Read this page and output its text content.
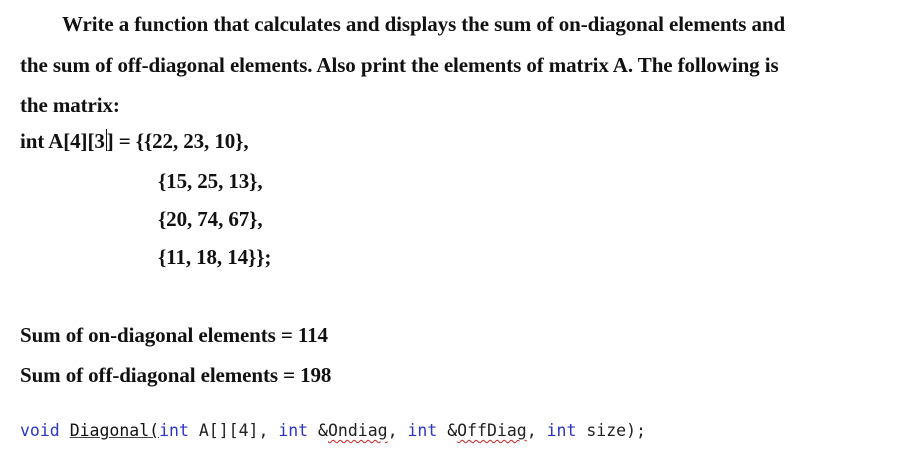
Write a function that calculates and displays the sum of on-diagonal elements and
the sum of off-diagonal elements. Also print the elements of matrix A. The following is
the matrix:
int A[4][3] = {{22, 23, 10},
{15, 25, 13},
{20, 74, 67},
{11, 18, 14}};
Sum of on-diagonal elements = 114
Sum of off-diagonal elements = 198
void Diagonal(int A[][4], int &Ondiag, int &OffDiag, int size);
